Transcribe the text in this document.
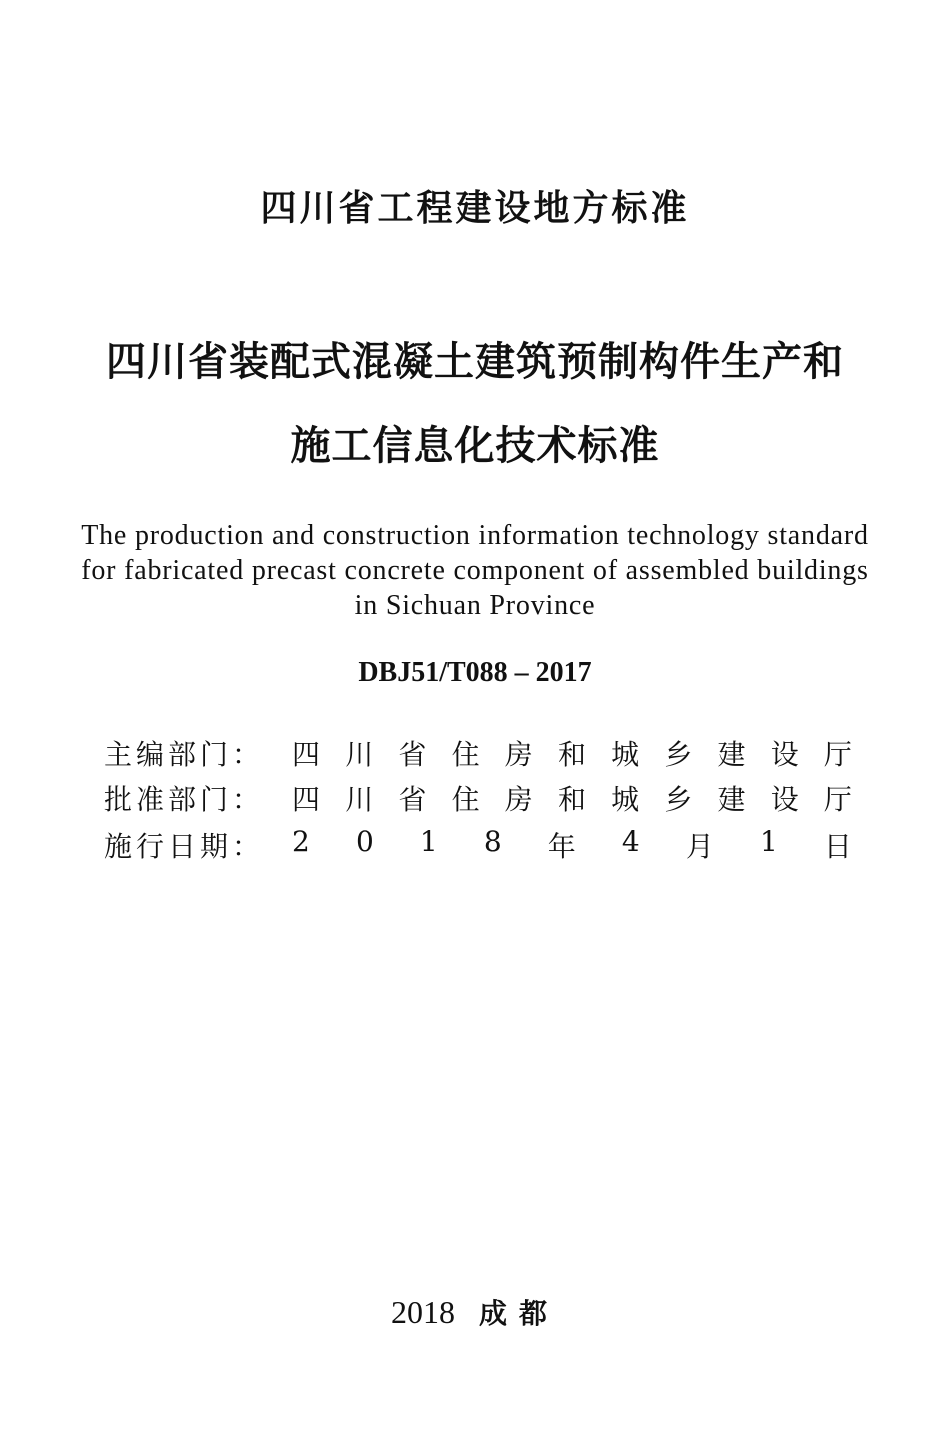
四川省工程建设地方标准
四川省装配式混凝土建筑预制构件生产和
施工信息化技术标准
The production and construction information technology standard
for fabricated precast concrete component of assembled buildings
in Sichuan Province
DBJ51/T088 – 2017
主编部门： 四 川 省 住 房 和 城 乡 建 设 厅
批准部门： 四 川 省 住 房 和 城 乡 建 设 厅
施行日期： 2 0 1 8 年 4 月 1 日
2018 成都
